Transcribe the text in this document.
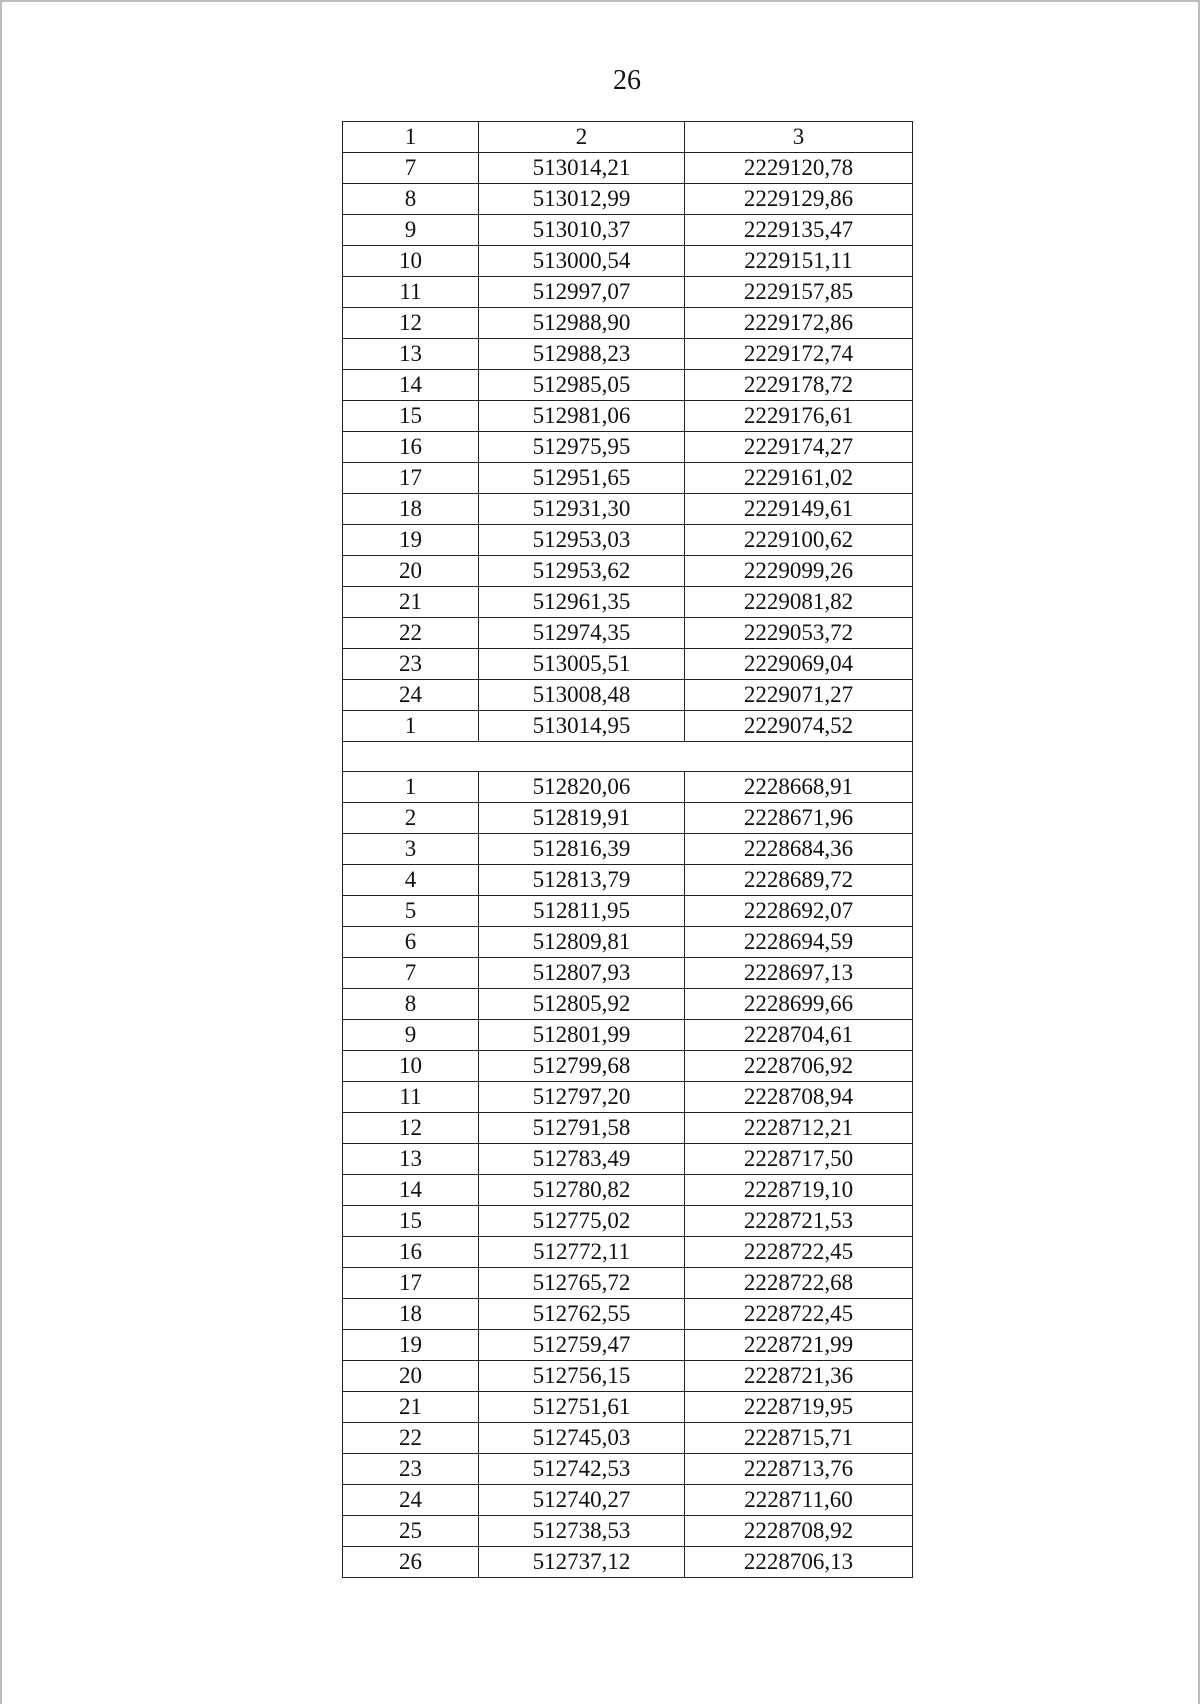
26
1	2	3
7	513014,21	2229120,78
8	513012,99	2229129,86
9	513010,37	2229135,47
10	513000,54	2229151,11
11	512997,07	2229157,85
12	512988,90	2229172,86
13	512988,23	2229172,74
14	512985,05	2229178,72
15	512981,06	2229176,61
16	512975,95	2229174,27
17	512951,65	2229161,02
18	512931,30	2229149,61
19	512953,03	2229100,62
20	512953,62	2229099,26
21	512961,35	2229081,82
22	512974,35	2229053,72
23	513005,51	2229069,04
24	513008,48	2229071,27
1	513014,95	2229074,52

1	512820,06	2228668,91
2	512819,91	2228671,96
3	512816,39	2228684,36
4	512813,79	2228689,72
5	512811,95	2228692,07
6	512809,81	2228694,59
7	512807,93	2228697,13
8	512805,92	2228699,66
9	512801,99	2228704,61
10	512799,68	2228706,92
11	512797,20	2228708,94
12	512791,58	2228712,21
13	512783,49	2228717,50
14	512780,82	2228719,10
15	512775,02	2228721,53
16	512772,11	2228722,45
17	512765,72	2228722,68
18	512762,55	2228722,45
19	512759,47	2228721,99
20	512756,15	2228721,36
21	512751,61	2228719,95
22	512745,03	2228715,71
23	512742,53	2228713,76
24	512740,27	2228711,60
25	512738,53	2228708,92
26	512737,12	2228706,13
